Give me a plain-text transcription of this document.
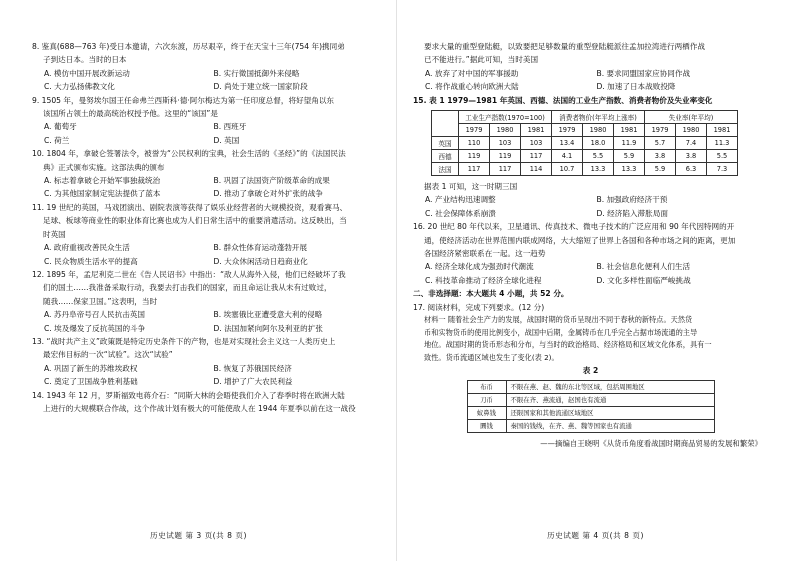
8. 鉴真(688—763 年)受日本邀请，六次东渡，历尽艰辛，终于在天宝十三年(754 年)携同弟
子到达日本。当时的日本
A. 模仿中国开展改新运动	B. 实行徵国抵御外来侵略
C. 大力弘扬佛教文化	D. 尚处于建立统一国家阶段
9. 1505 年，曼努埃尔国王任命弗兰西斯科·德·阿尔梅达为第一任印度总督，将好望角以东
该国所占领土的最高统治权授予他。这里的“该国”是
A. 葡萄牙	B. 西班牙
C. 荷兰	D. 英国
10. 1804 年，拿破仑签署法令，被誉为“公民权利的宝典，社会生活的《圣经》”的《法国民法
典》正式颁布实施。这部法典的颁布
A. 标志着拿破仑开始军事独裁统治	B. 巩固了法国资产阶级革命的成果
C. 为其他国家制定宪法提供了蓝本	D. 推动了拿破仑对外扩张的战争
11. 19 世纪的英国，马戏团演出、剧院表演等获得了娱乐业经营者的大规模投资，观看赛马、
足球、板球等商业性的职业体育比赛也成为人们日常生活中的重要消遣活动。这反映出，当
时英国
A. 政府重视改善民众生活	B. 群众性体育运动蓬勃开展
C. 民众物质生活水平的提高	D. 大众休闲活动日趋商业化
12. 1895 年，孟尼利克二世在《告人民诏书》中指出：“敌人从海外入侵，他们已经破坏了我
们的国土……我准备采取行动，我要去打击我们的国家，而且命运让我从未有过败过，
随我……保家卫国。”这表明，当时
A. 苏丹阜帝号召人民抗击英国	B. 埃塞俄比亚遭受意大利的侵略
C. 埃及爆发了反抗英国的斗争	D. 法国加紧向阿尔及利亚的扩张
13. “战时共产主义”政策既是特定历史条件下的产物，也是对实现社会主义这一人类历史上
最宏伟目标的一次“试验”。这次“试验”
A. 巩固了新生的苏维埃政权	B. 恢复了苏俄国民经济
C. 奠定了卫国战争胜利基础	D. 增护了广大农民利益
14. 1943 年 12 月，罗斯福致电蒋介石：“同斯大林的会晤使我们介入了春季时将在欧洲大陆
上进行的大规模联合作战，这个作战计划有极大的可能使敌人在 1944 年夏季以前在这一战役
历史试题 第 3 页(共 8 页)
要求大量的重型登陆艇，以致要把足够数量的重型登陆艇派往孟加拉湾进行两栖作战
已不能进行。”据此可知，当时美国
A. 放弃了对中国的军事援助	B. 要求同盟国家应协同作战
C. 将作战重心转向欧洲大陆	D. 加速了日本战败投降
15. 表 1 1979—1981 年英国、西德、法国的工业生产指数、消费者物价及失业率变化
	工业生产指数(1970=100)			消费者物价(年平均上涨率)			失业率(年平均)		
	1979	1980	1981	1979	1980	1981	1979	1980	1981
英国	110	103	103	13.4	18.0	11.9	5.7	7.4	11.3
西德	119	119	117	4.1	5.5	5.9	3.8	3.8	5.5
法国	117	117	114	10.7	13.3	13.3	5.9	6.3	7.3
据表 1 可知，这一时期三国
A. 产业结构迅速调整	B. 加强政府经济干预
C. 社会保障体系崩溃	D. 经济陷入滞胀局面
16. 20 世纪 80 年代以来，卫星通讯、传真技术、微电子技术的广泛应用和 90 年代因特网的开
通，使经济活动在世界范围内联成网络，大大缩短了世界上各国和各种市场之间的距离，更加
各国经济紧密联系在一起。这一趋势
A. 经济全球化成为强劲时代潮流	B. 社会信息化便利人们生活
C. 科技革命推动了经济全球化进程	D. 文化多样性面临严峻挑战
二、非选择题：本大题共 4 小题，共 52 分。
17. 阅读材料，完成下列要求。(12 分)
材料一 随着社会生产力的发展，战国时期的货币呈现出不同于春秋的新特点。天然货
币和实物货币的使用比例变小，战国中后期，金属铸币在几乎完全占据市场流通的主导
地位。战国时期的货币形态和分布，与当时的政治格局、经济格局和区域文化体系，具有一
致性。货币流通区域也发生了变化(表 2)。
表 2
布币	不限在燕、赵、魏的东北等区域，包括周围地区
刀币	不限在齐、燕流通，赵国也有流通
蚁鼻钱	还限国家和其他流通区域地区
圜钱	秦国的钱线，在齐、燕、魏等国家也有流通
——摘编自王晓明《从货币角度看战国时期商品贸易的发展和繁荣》
历史试题 第 4 页(共 8 页)
